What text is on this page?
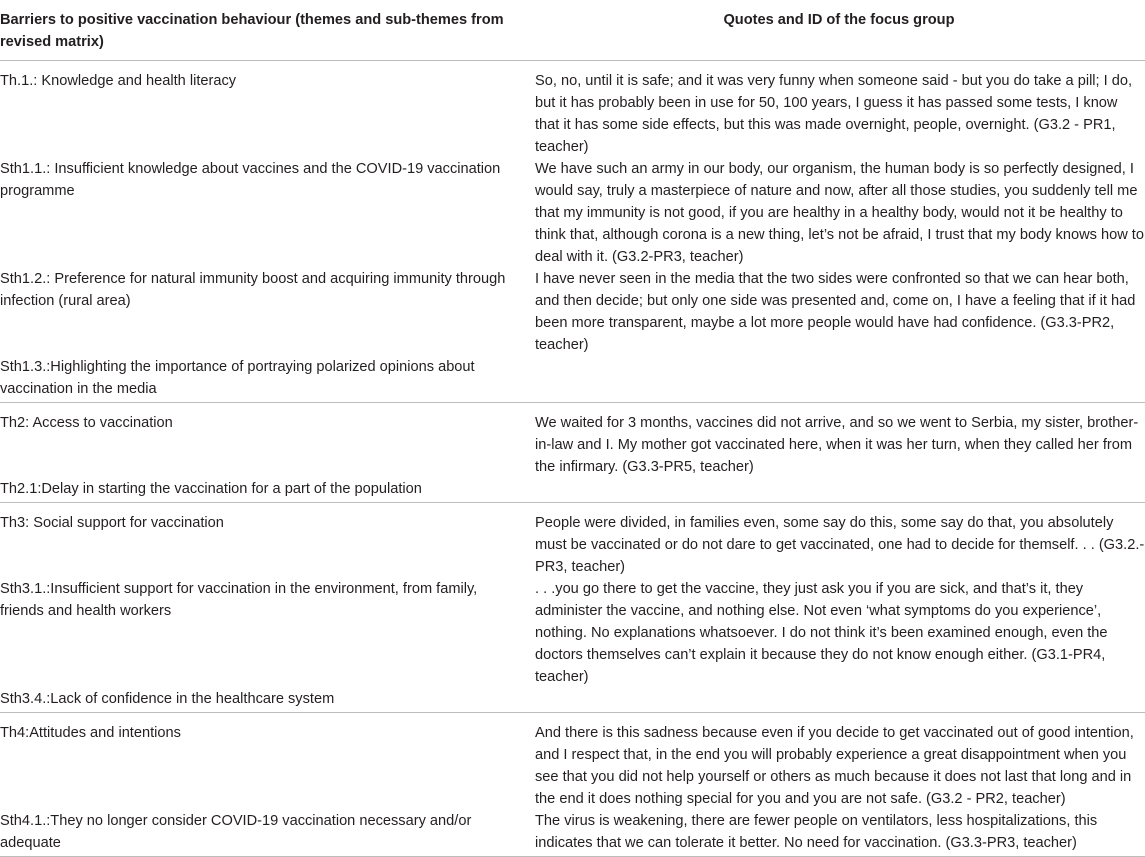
Barriers to positive vaccination behaviour (themes and sub-themes from revised matrix)	Quotes and ID of the focus group
Th.1.: Knowledge and health literacy	So, no, until it is safe; and it was very funny when someone said - but you do take a pill; I do, but it has probably been in use for 50, 100 years, I guess it has passed some tests, I know that it has some side effects, but this was made overnight, people, overnight. (G3.2 - PR1, teacher)
Sth1.1.: Insufficient knowledge about vaccines and the COVID-19 vaccination programme	We have such an army in our body, our organism, the human body is so perfectly designed, I would say, truly a masterpiece of nature and now, after all those studies, you suddenly tell me that my immunity is not good, if you are healthy in a healthy body, would not it be healthy to think that, although corona is a new thing, let’s not be afraid, I trust that my body knows how to deal with it. (G3.2-PR3, teacher)
Sth1.2.: Preference for natural immunity boost and acquiring immunity through infection (rural area)	I have never seen in the media that the two sides were confronted so that we can hear both, and then decide; but only one side was presented and, come on, I have a feeling that if it had been more transparent, maybe a lot more people would have had confidence. (G3.3-PR2, teacher)
Sth1.3.:Highlighting the importance of portraying polarized opinions about vaccination in the media	
Th2: Access to vaccination	We waited for 3 months, vaccines did not arrive, and so we went to Serbia, my sister, brother-in-law and I. My mother got vaccinated here, when it was her turn, when they called her from the infirmary. (G3.3-PR5, teacher)
Th2.1:Delay in starting the vaccination for a part of the population	
Th3: Social support for vaccination	People were divided, in families even, some say do this, some say do that, you absolutely must be vaccinated or do not dare to get vaccinated, one had to decide for themself. . . (G3.2.- PR3, teacher)
Sth3.1.:Insufficient support for vaccination in the environment, from family, friends and health workers	. . .you go there to get the vaccine, they just ask you if you are sick, and that’s it, they administer the vaccine, and nothing else. Not even ‘what symptoms do you experience’, nothing. No explanations whatsoever. I do not think it’s been examined enough, even the doctors themselves can’t explain it because they do not know enough either. (G3.1-PR4, teacher)
Sth3.4.:Lack of confidence in the healthcare system	
Th4:Attitudes and intentions	And there is this sadness because even if you decide to get vaccinated out of good intention, and I respect that, in the end you will probably experience a great disappointment when you see that you did not help yourself or others as much because it does not last that long and in the end it does nothing special for you and you are not safe. (G3.2 - PR2, teacher)
Sth4.1.:They no longer consider COVID-19 vaccination necessary and/or adequate	The virus is weakening, there are fewer people on ventilators, less hospitalizations, this indicates that we can tolerate it better. No need for vaccination. (G3.3-PR3, teacher)
